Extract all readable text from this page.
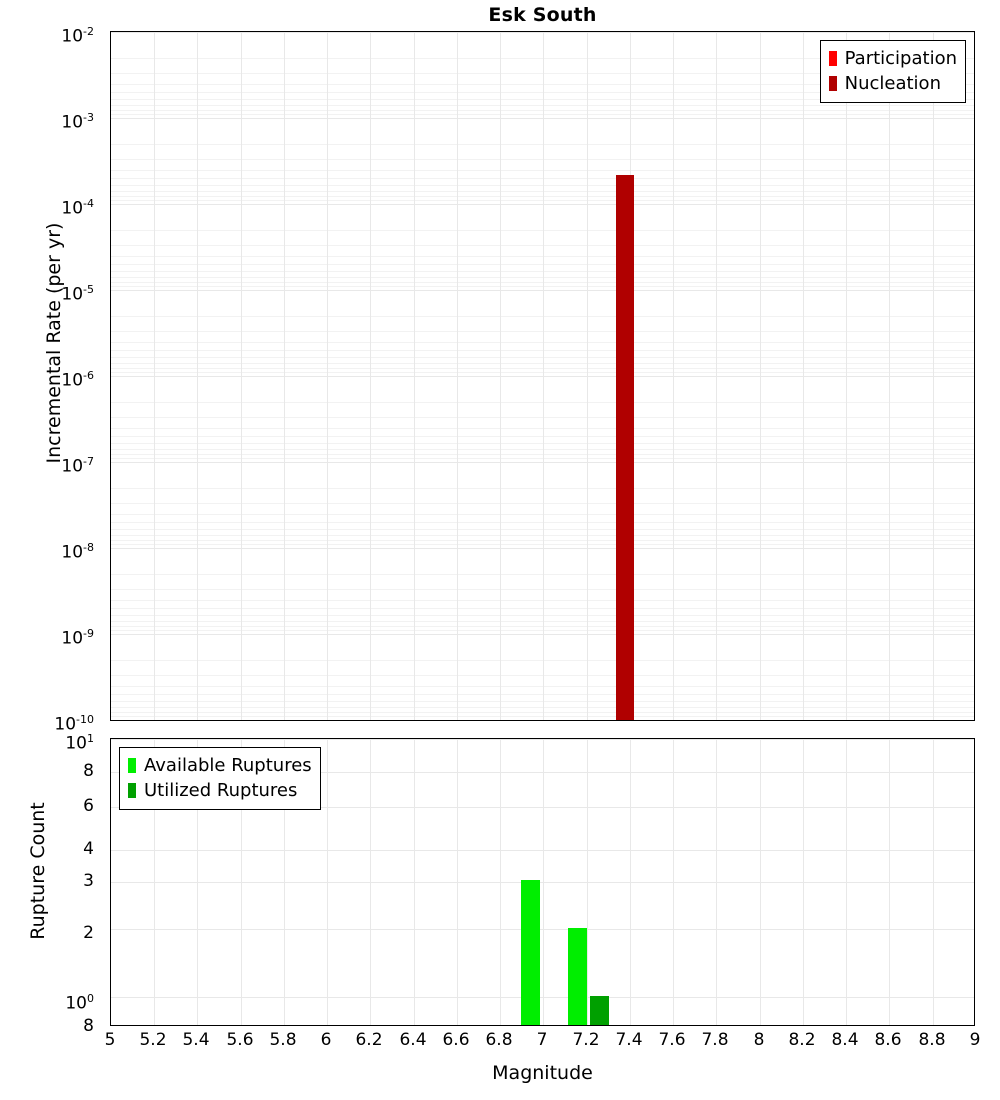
Esk South
Participation
Nucleation
$10^{-2}$
$10^{-3}$
$10^{-4}$
$10^{-5}$
$10^{-6}$
$10^{-7}$
$10^{-8}$
$10^{-9}$
$10^{-10}$
Incremental Rate (per yr)
Available Ruptures
Utilized Ruptures
$10^1$
8
6
4
3
2
$10^0$
8
Rupture Count
5	5.2 5.4 5.6 5.8	6	6.2 6.4 6.6 6.8	7	7.2 7.4 7.6 7.8	8	8.2 8.4 8.6 8.8	9
Magnitude
